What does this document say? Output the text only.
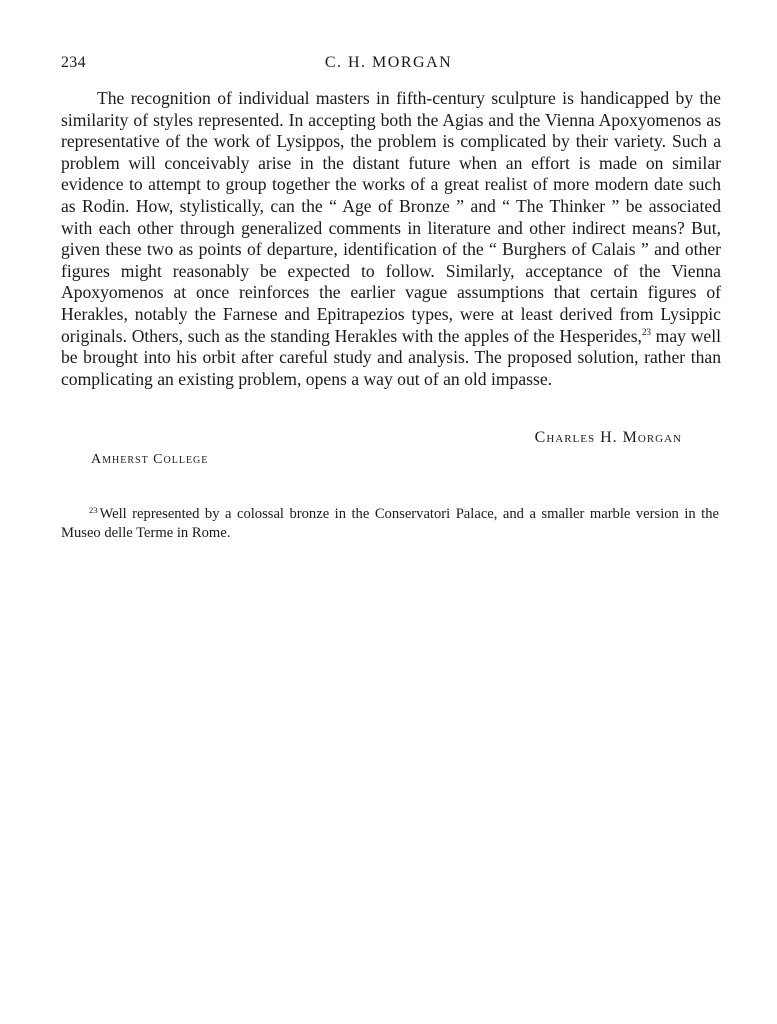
234	C. H. MORGAN

The recognition of individual masters in fifth-century sculpture is handicapped by the similarity of styles represented. In accepting both the Agias and the Vienna Apoxyomenos as representative of the work of Lysippos, the problem is complicated by their variety. Such a problem will conceivably arise in the distant future when an effort is made on similar evidence to attempt to group together the works of a great realist of more modern date such as Rodin. How, stylistically, can the “ Age of Bronze ” and “ The Thinker ” be associated with each other through generalized comments in literature and other indirect means? But, given these two as points of departure, identification of the “ Burghers of Calais ” and other figures might reasonably be expected to follow. Similarly, acceptance of the Vienna Apoxyomenos at once reinforces the earlier vague assumptions that certain figures of Herakles, notably the Farnese and Epitrapezios types, were at least derived from Lysippic originals. Others, such as the standing Herakles with the apples of the Hesperides,$^{23}$ may well be brought into his orbit after careful study and analysis. The proposed solution, rather than complicating an existing problem, opens a way out of an old impasse.

Charles H. Morgan
Amherst College

$^{23}$ Well represented by a colossal bronze in the Conservatori Palace, and a smaller marble version in the Museo delle Terme in Rome.
